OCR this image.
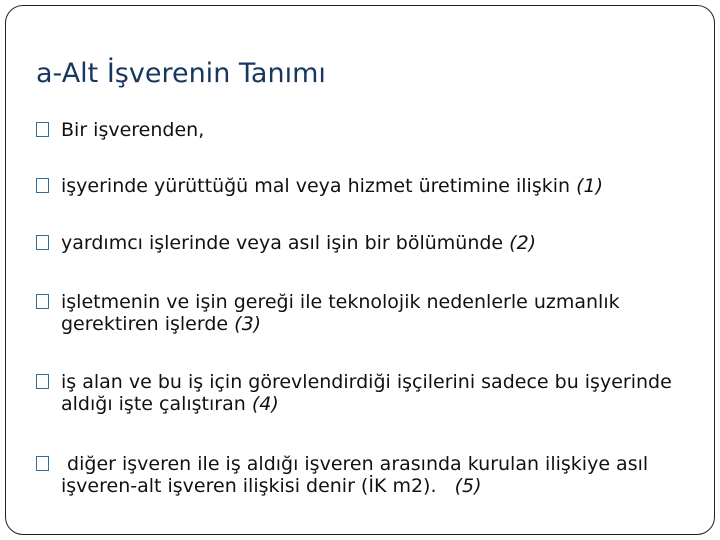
a-Alt İşverenin Tanımı
Bir işverenden,
işyerinde yürüttüğü mal veya hizmet üretimine ilişkin (1)
yardımcı işlerinde veya asıl işin bir bölümünde (2)
işletmenin ve işin gereği ile teknolojik nedenlerle uzmanlık gerektiren işlerde (3)
iş alan ve bu iş için görevlendirdiği işçilerini sadece bu işyerinde aldığı işte çalıştıran (4)
diğer işveren ile iş aldığı işveren arasında kurulan ilişkiye asıl işveren-alt işveren ilişkisi denir (İK m2).   (5)
